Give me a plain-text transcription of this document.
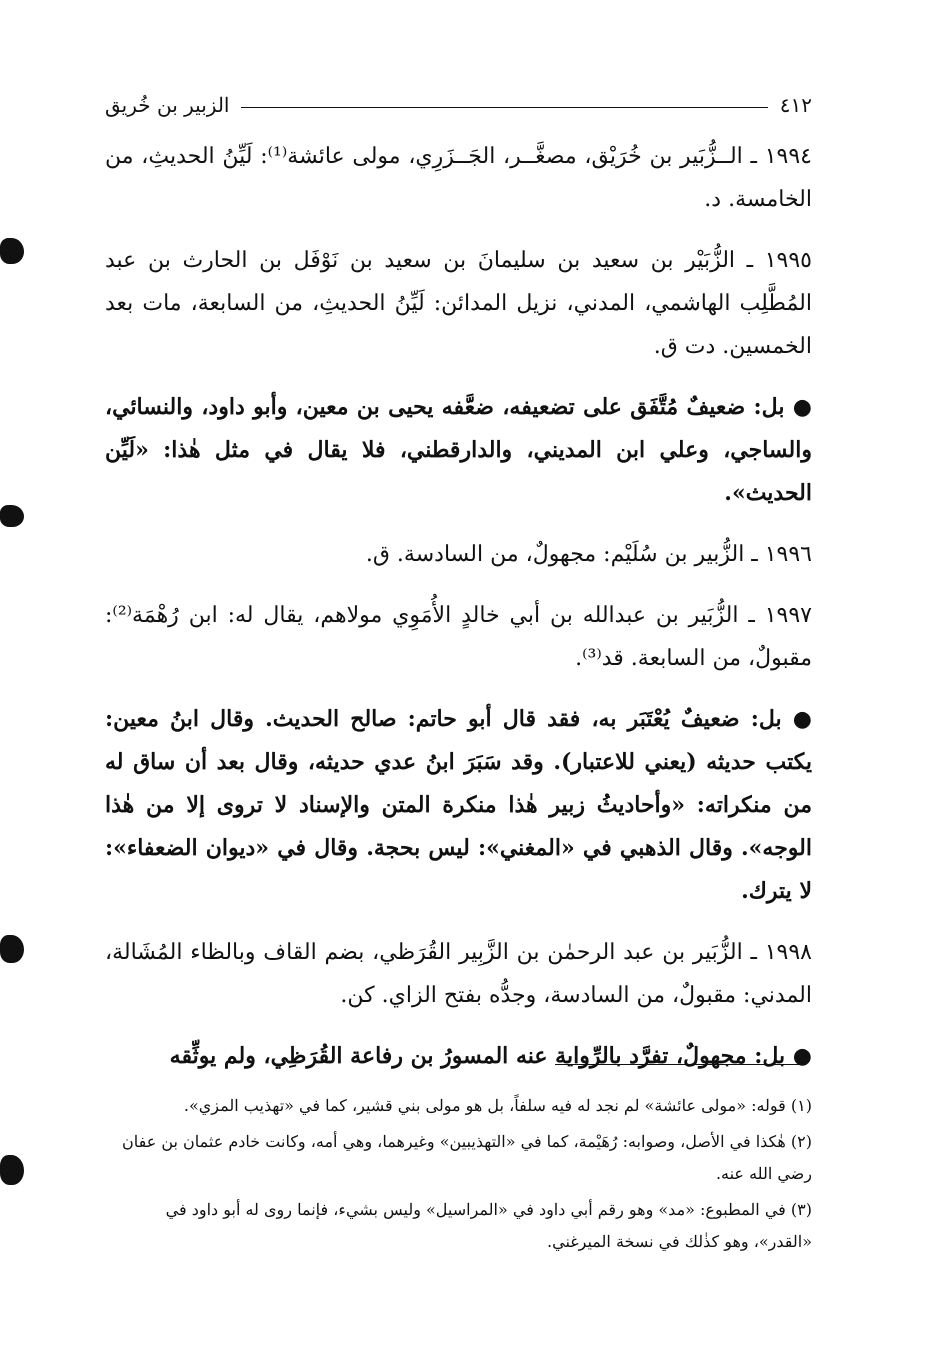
٤١٢
الزبير بن خُريق

١٩٩٤ ـ الــزُّبَير بن خُرَيْق، مصغَّــر، الجَــزَرِي، مولى عائشة⁽¹⁾: لَيِّنُ الحديثِ، من الخامسة. د.

١٩٩٥ ـ الزُّبَيْر بن سعيد بن سليمانَ بن سعيد بن نَوْفَل بن الحارث بن عبد المُطَّلِب الهاشمي، المدني، نزيل المدائن: لَيِّنُ الحديثِ، من السابعة، مات بعد الخمسين. دت ق.

● بل: ضعيفٌ مُتَّفَق على تضعيفه، ضعَّفه يحيى بن معين، وأبو داود، والنسائي، والساجي، وعلي ابن المديني، والدارقطني، فلا يقال في مثل هٰذا: «لَيِّن الحديث».

١٩٩٦ ـ الزُّبير بن سُلَيْم: مجهولٌ، من السادسة. ق.

١٩٩٧ ـ الزُّبَير بن عبدالله بن أبي خالدٍ الأُمَوِي مولاهم، يقال له: ابن رُهْمَة⁽²⁾: مقبولٌ، من السابعة. قد⁽³⁾.

● بل: ضعيفٌ يُعْتَبَر به، فقد قال أبو حاتم: صالح الحديث. وقال ابنُ معين: يكتب حديثه (يعني للاعتبار). وقد سَبَرَ ابنُ عدي حديثه، وقال بعد أن ساق له من منكراته: «وأحاديثُ زبير هٰذا منكرة المتن والإسناد لا تروى إلا من هٰذا الوجه». وقال الذهبي في «المغني»: ليس بحجة. وقال في «ديوان الضعفاء»: لا يترك.

١٩٩٨ ـ الزُّبَير بن عبد الرحمٰن بن الزَّبِير القُرَظي، بضم القاف وبالظاء المُشَالة، المدني: مقبولٌ، من السادسة، وجدُّه بفتح الزاي. كن.

● بل: مجهولٌ، تفرَّد بالرِّواية عنه المسورُ بن رفاعة القُرَظِي، ولم يوثِّقه

(١) قوله: «مولى عائشة» لم نجد له فيه سلفاً، بل هو مولى بني قشير، كما في «تهذيب المزي».

(٢) هٰكذا في الأصل، وصوابه: رُهَيْمة، كما في «التهذيبين» وغيرهما، وهي أمه، وكانت خادم عثمان بن عفان رضي الله عنه.

(٣) في المطبوع: «مد» وهو رقم أبي داود في «المراسيل» وليس بشيء، فإنما روى له أبو داود في «القدر»، وهو كذٰلك في نسخة الميرغني.
